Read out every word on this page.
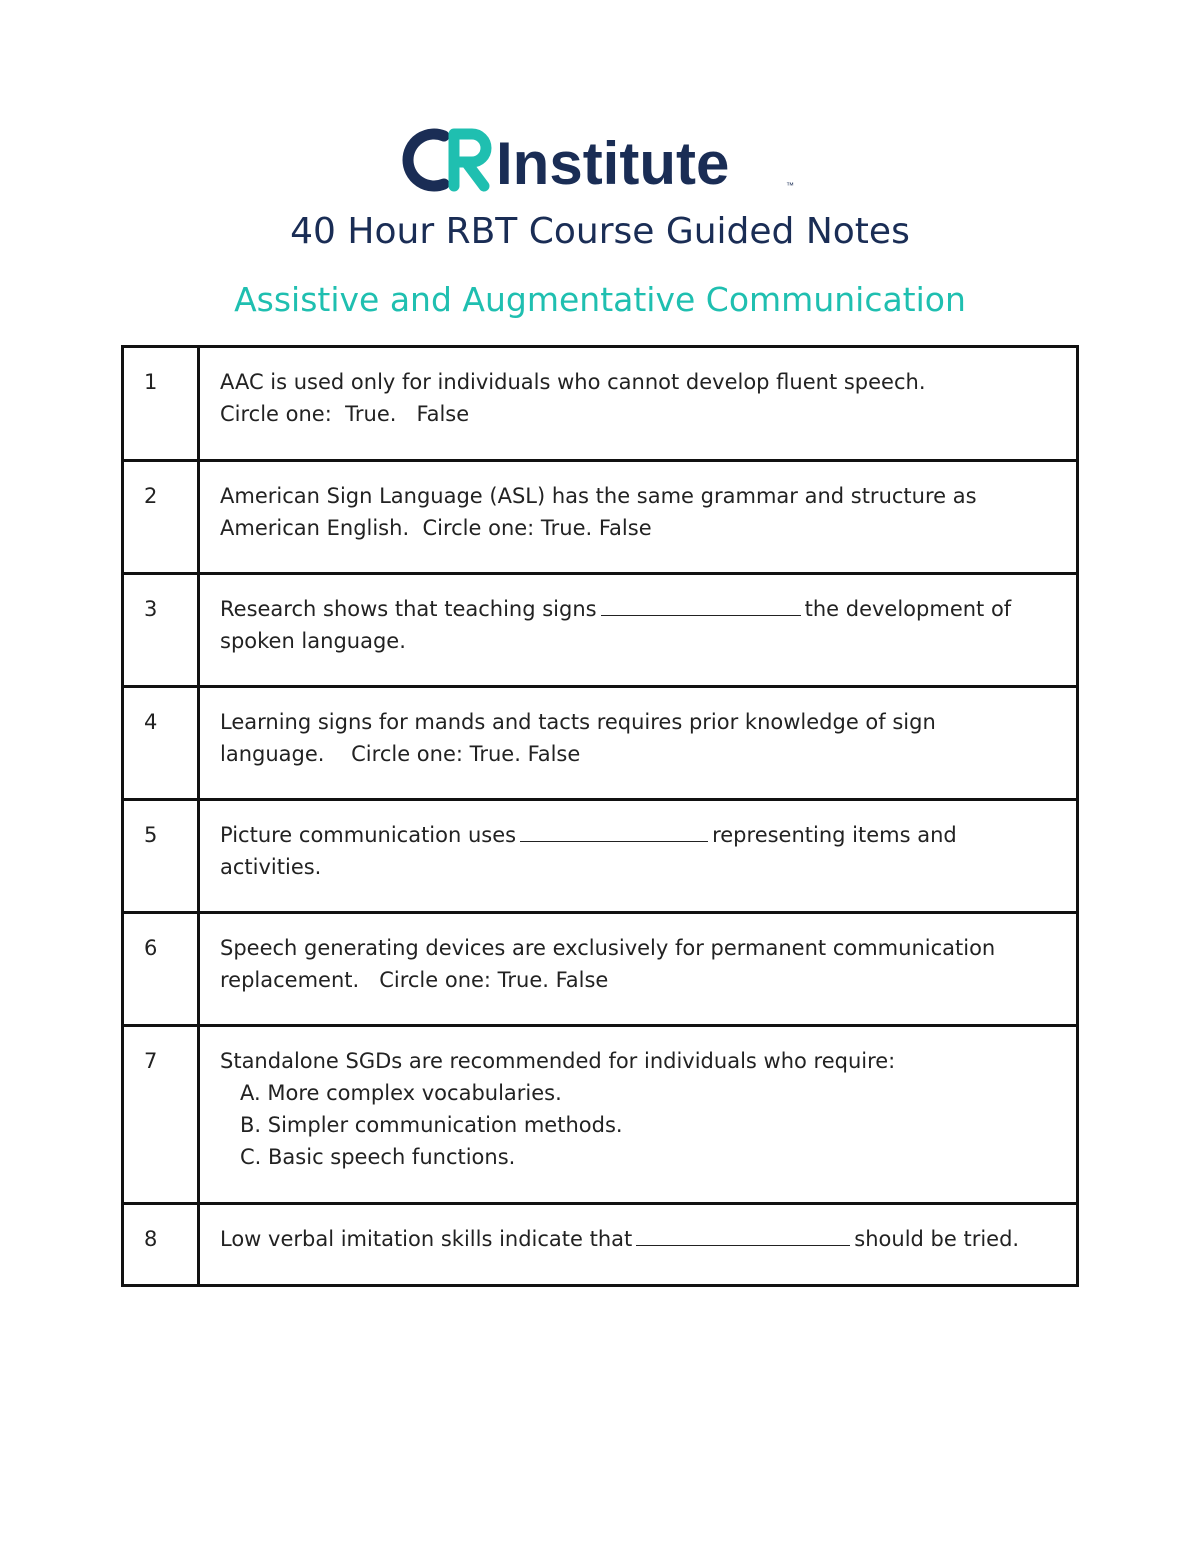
Institute	™
40 Hour RBT Course Guided Notes
Assistive and Augmentative Communication
1	AAC is used only for individuals who cannot develop fluent speech.
Circle one:  True.   False

2	American Sign Language (ASL) has the same grammar and structure as
American English.  Circle one: True. False

3	Research shows that teaching signs the development of
spoken language.

4	Learning signs for mands and tacts requires prior knowledge of sign
language.    Circle one: True. False

5	Picture communication uses representing items and
activities.

6	Speech generating devices are exclusively for permanent communication
replacement.   Circle one: True. False

7	Standalone SGDs are recommended for individuals who require:
A. More complex vocabularies.
B. Simpler communication methods.
C. Basic speech functions.

8	Low verbal imitation skills indicate that should be tried.
